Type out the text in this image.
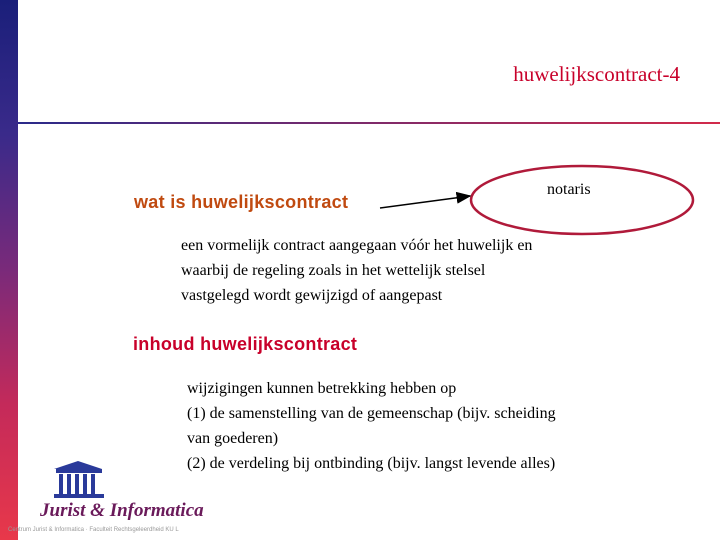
huwelijkscontract-4
wat is huwelijkscontract
notaris
een vormelijk contract aangegaan vóór het huwelijk en
waarbij de regeling zoals in het wettelijk stelsel
vastgelegd wordt gewijzigd of aangepast
inhoud huwelijkscontract
wijzigingen kunnen betrekking hebben op
(1) de samenstelling van de gemeenschap (bijv. scheiding
van goederen)
(2) de verdeling bij ontbinding (bijv. langst levende alles)
Jurist & Informatica
Centrum Jurist & Informatica · Faculteit Rechtsgeleerdheid KU L
